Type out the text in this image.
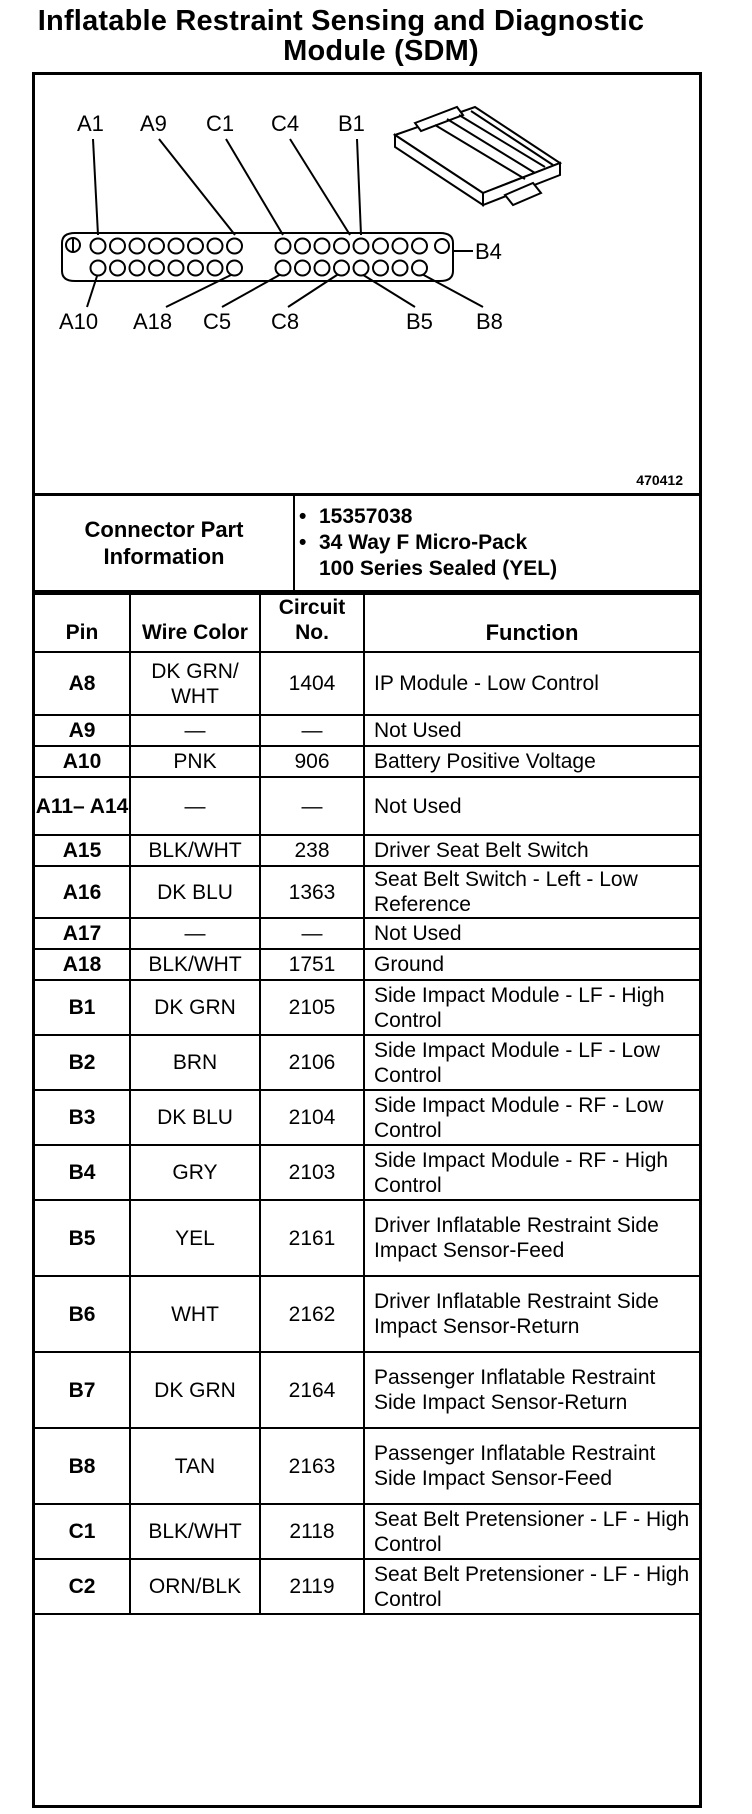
Inflatable Restraint Sensing and Diagnostic
Module (SDM)
A1 A9 C1 C4 B1
B4
A10 A18 C5 C8	B5 B8
470412
Connector Part Information
• 15357038
• 34 Way F Micro-Pack
100 Series Sealed (YEL)
Pin	Wire Color	Circuit No.	Function
A8	DK GRN/ WHT	1404	IP Module - Low Control
A9	—	—	Not Used
A10	PNK	906	Battery Positive Voltage
A11– A14	—	—	Not Used
A15	BLK/WHT	238	Driver Seat Belt Switch
A16	DK BLU	1363	Seat Belt Switch - Left - Low Reference
A17	—	—	Not Used
A18	BLK/WHT	1751	Ground
B1	DK GRN	2105	Side Impact Module - LF - High Control
B2	BRN	2106	Side Impact Module - LF - Low Control
B3	DK BLU	2104	Side Impact Module - RF - Low Control
B4	GRY	2103	Side Impact Module - RF - High Control
B5	YEL	2161	Driver Inflatable Restraint Side Impact Sensor-Feed
B6	WHT	2162	Driver Inflatable Restraint Side Impact Sensor-Return
B7	DK GRN	2164	Passenger Inflatable Restraint Side Impact Sensor-Return
B8	TAN	2163	Passenger Inflatable Restraint Side Impact Sensor-Feed
C1	BLK/WHT	2118	Seat Belt Pretensioner - LF - High Control
C2	ORN/BLK	2119	Seat Belt Pretensioner - LF - High Control
